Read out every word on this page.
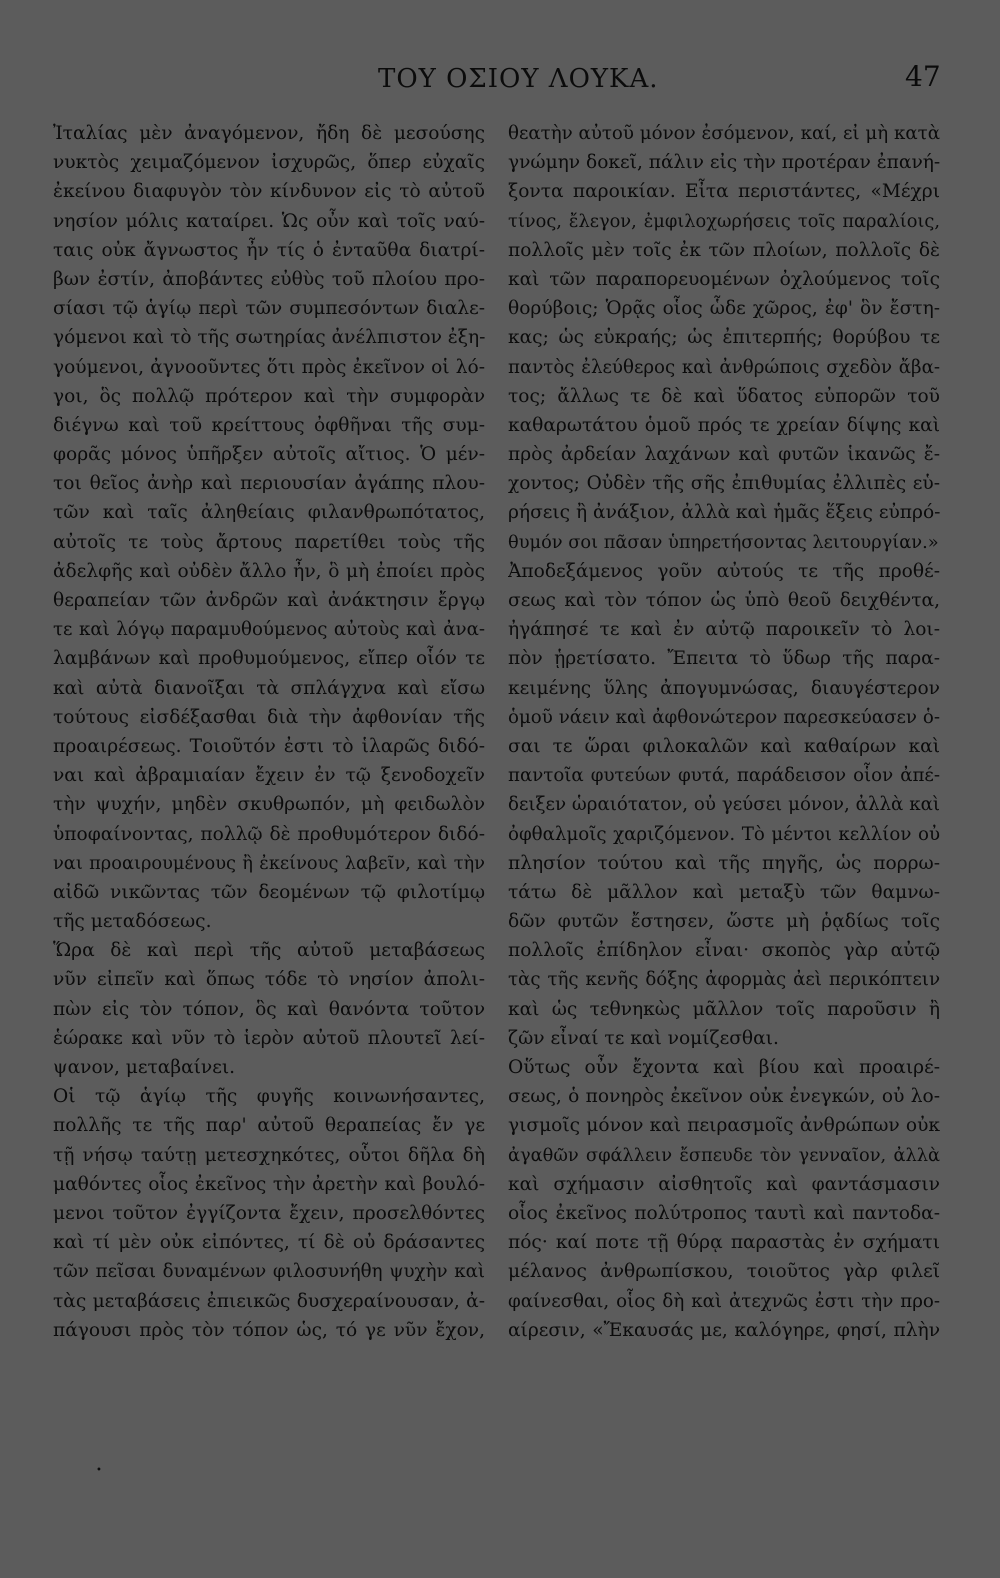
ΤΟΥ ΟΣΙΟΥ ΛΟΥΚΑ.	47
Ἰταλίας μὲν ἀναγόμενον, ἤδη δὲ μεσούσης
νυκτὸς χειμαζόμενον ἰσχυρῶς, ὅπερ εὐχαῖς
ἐκείνου διαφυγὸν τὸν κίνδυνον εἰς τὸ αὐτοῦ
νησίον μόλις καταίρει. Ὡς οὖν καὶ τοῖς ναύ-
ταις οὐκ ἄγνωστος ἦν τίς ὁ ἐνταῦθα διατρί-
βων ἐστίν, ἀποβάντες εὐθὺς τοῦ πλοίου προ-
σίασι τῷ ἁγίῳ περὶ τῶν συμπεσόντων διαλε-
γόμενοι καὶ τὸ τῆς σωτηρίας ἀνέλπιστον ἐξη-
γούμενοι, ἀγνοοῦντες ὅτι πρὸς ἐκεῖνον οἱ λό-
γοι, ὃς πολλῷ πρότερον καὶ τὴν συμφορὰν
διέγνω καὶ τοῦ κρείττους ὀφθῆναι τῆς συμ-
φορᾶς μόνος ὑπῆρξεν αὐτοῖς αἴτιος. Ὁ μέν-
τοι θεῖος ἀνὴρ καὶ περιουσίαν ἀγάπης πλου-
τῶν καὶ ταῖς ἀληθείαις φιλανθρωπότατος,
αὐτοῖς τε τοὺς ἄρτους παρετίθει τοὺς τῆς
ἀδελφῆς καὶ οὐδὲν ἄλλο ἦν, ὃ μὴ ἐποίει πρὸς
θεραπείαν τῶν ἀνδρῶν καὶ ἀνάκτησιν ἔργῳ
τε καὶ λόγῳ παραμυθούμενος αὐτοὺς καὶ ἀνα-
λαμβάνων καὶ προθυμούμενος, εἴπερ οἷόν τε
καὶ αὐτὰ διανοῖξαι τὰ σπλάγχνα καὶ εἴσω
τούτους εἰσδέξασθαι διὰ τὴν ἀφθονίαν τῆς
προαιρέσεως. Τοιοῦτόν ἐστι τὸ ἱλαρῶς διδό-
ναι καὶ ἀβραμιαίαν ἔχειν ἐν τῷ ξενοδοχεῖν
τὴν ψυχήν, μηδὲν σκυθρωπόν, μὴ φειδωλὸν
ὑποφαίνοντας, πολλῷ δὲ προθυμότερον διδό-
ναι προαιρουμένους ἢ ἐκείνους λαβεῖν, καὶ τὴν
αἰδῶ νικῶντας τῶν δεομένων τῷ φιλοτίμῳ
τῆς μεταδόσεως.
Ὥρα δὲ καὶ περὶ τῆς αὐτοῦ μεταβάσεως
νῦν εἰπεῖν καὶ ὅπως τόδε τὸ νησίον ἀπολι-
πὼν εἰς τὸν τόπον, ὃς καὶ θανόντα τοῦτον
ἑώρακε καὶ νῦν τὸ ἱερὸν αὐτοῦ πλουτεῖ λεί-
ψανον, μεταβαίνει.
Οἱ τῷ ἁγίῳ τῆς φυγῆς κοινωνήσαντες,
πολλῆς τε τῆς παρ' αὐτοῦ θεραπείας ἔν γε
τῇ νήσῳ ταύτῃ μετεσχηκότες, οὗτοι δῆλα δὴ
μαθόντες οἷος ἐκεῖνος τὴν ἀρετὴν καὶ βουλό-
μενοι τοῦτον ἐγγίζοντα ἔχειν, προσελθόντες
καὶ τί μὲν οὐκ εἰπόντες, τί δὲ οὐ δράσαντες
τῶν πεῖσαι δυναμένων φιλοσυνήθη ψυχὴν καὶ
τὰς μεταβάσεις ἐπιεικῶς δυσχεραίνουσαν, ἀ-
πάγουσι πρὸς τὸν τόπον ὡς, τό γε νῦν ἔχον,
θεατὴν αὐτοῦ μόνον ἐσόμενον, καί, εἰ μὴ κατὰ
γνώμην δοκεῖ, πάλιν εἰς τὴν προτέραν ἐπανή-
ξοντα παροικίαν. Εἶτα περιστάντες, «Μέχρι
τίνος, ἔλεγον, ἐμφιλοχωρήσεις τοῖς παραλίοις,
πολλοῖς μὲν τοῖς ἐκ τῶν πλοίων, πολλοῖς δὲ
καὶ τῶν παραπορευομένων ὀχλούμενος τοῖς
θορύβοις; Ὁρᾷς οἷος ὧδε χῶρος, ἐφ' ὃν ἔστη-
κας; ὡς εὐκραής; ὡς ἐπιτερπής; θορύβου τε
παντὸς ἐλεύθερος καὶ ἀνθρώποις σχεδὸν ἄβα-
τος; ἄλλως τε δὲ καὶ ὕδατος εὐπορῶν τοῦ
καθαρωτάτου ὁμοῦ πρός τε χρείαν δίψης καὶ
πρὸς ἀρδείαν λαχάνων καὶ φυτῶν ἱκανῶς ἔ-
χοντος; Οὐδὲν τῆς σῆς ἐπιθυμίας ἐλλιπὲς εὑ-
ρήσεις ἢ ἀνάξιον, ἀλλὰ καὶ ἡμᾶς ἕξεις εὐπρό-
θυμόν σοι πᾶσαν ὑπηρετήσοντας λειτουργίαν.»
Ἀποδεξάμενος γοῦν αὐτούς τε τῆς προθέ-
σεως καὶ τὸν τόπον ὡς ὑπὸ θεοῦ δειχθέντα,
ἠγάπησέ τε καὶ ἐν αὐτῷ παροικεῖν τὸ λοι-
πὸν ᾑρετίσατο. Ἔπειτα τὸ ὕδωρ τῆς παρα-
κειμένης ὕλης ἀπογυμνώσας, διαυγέστερον
ὁμοῦ νάειν καὶ ἀφθονώτερον παρεσκεύασεν ὁ-
σαι τε ὥραι φιλοκαλῶν καὶ καθαίρων καὶ
παντοῖα φυτεύων φυτά, παράδεισον οἷον ἀπέ-
δειξεν ὡραιότατον, οὐ γεύσει μόνον, ἀλλὰ καὶ
ὀφθαλμοῖς χαριζόμενον. Τὸ μέντοι κελλίον οὐ
πλησίον τούτου καὶ τῆς πηγῆς, ὡς πορρω-
τάτω δὲ μᾶλλον καὶ μεταξὺ τῶν θαμνω-
δῶν φυτῶν ἔστησεν, ὥστε μὴ ῥᾳδίως τοῖς
πολλοῖς ἐπίδηλον εἶναι· σκοπὸς γὰρ αὐτῷ
τὰς τῆς κενῆς δόξης ἀφορμὰς ἀεὶ περικόπτειν
καὶ ὡς τεθνηκὼς μᾶλλον τοῖς παροῦσιν ἢ
ζῶν εἶναί τε καὶ νομίζεσθαι.
Οὕτως οὖν ἔχοντα καὶ βίου καὶ προαιρέ-
σεως, ὁ πονηρὸς ἐκεῖνον οὐκ ἐνεγκών, οὐ λο-
γισμοῖς μόνον καὶ πειρασμοῖς ἀνθρώπων οὐκ
ἀγαθῶν σφάλλειν ἔσπευδε τὸν γενναῖον, ἀλλὰ
καὶ σχήμασιν αἰσθητοῖς καὶ φαντάσμασιν
οἷος ἐκεῖνος πολύτροπος ταυτὶ καὶ παντοδα-
πός· καί ποτε τῇ θύρᾳ παραστὰς ἐν σχήματι
μέλανος ἀνθρωπίσκου, τοιοῦτος γὰρ φιλεῖ
φαίνεσθαι, οἷος δὴ καὶ ἀτεχνῶς ἐστι τὴν προ-
αίρεσιν, «Ἔκαυσάς με, καλόγηρε, φησί, πλὴν
•
